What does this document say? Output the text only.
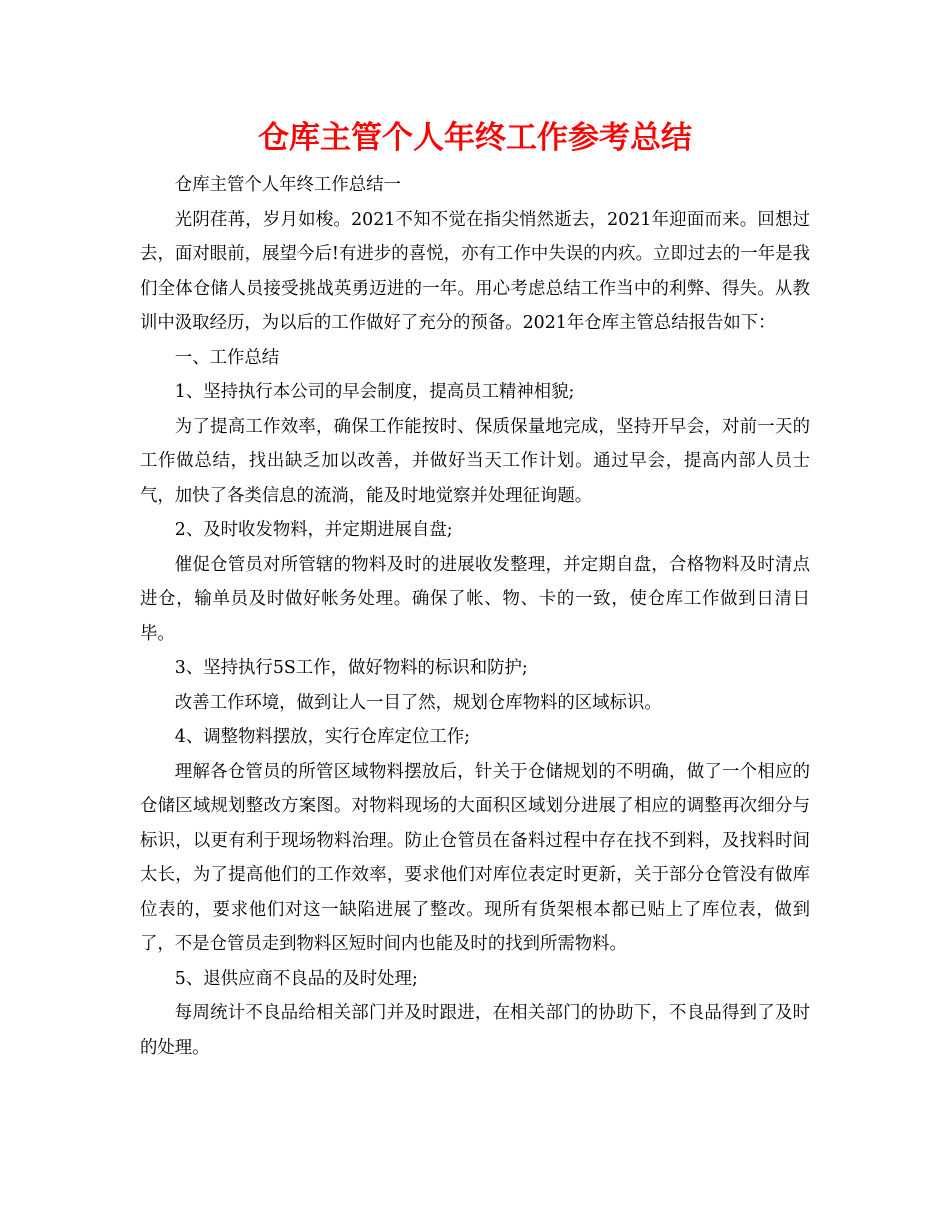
仓库主管个人年终工作参考总结

仓库主管个人年终工作总结一

光阴荏苒，岁月如梭。2021不知不觉在指尖悄然逝去，2021年迎面而来。回想过去，面对眼前，展望今后!有进步的喜悦，亦有工作中失误的内疚。立即过去的一年是我们全体仓储人员接受挑战英勇迈进的一年。用心考虑总结工作当中的利弊、得失。从教训中汲取经历，为以后的工作做好了充分的预备。2021年仓库主管总结报告如下：

一、工作总结

1、坚持执行本公司的早会制度，提高员工精神相貌;

为了提高工作效率，确保工作能按时、保质保量地完成，坚持开早会，对前一天的工作做总结，找出缺乏加以改善，并做好当天工作计划。通过早会，提高内部人员士气，加快了各类信息的流淌，能及时地觉察并处理征询题。

2、及时收发物料，并定期进展自盘;

催促仓管员对所管辖的物料及时的进展收发整理，并定期自盘，合格物料及时清点进仓，输单员及时做好帐务处理。确保了帐、物、卡的一致，使仓库工作做到日清日毕。

3、坚持执行5S工作，做好物料的标识和防护;

改善工作环境，做到让人一目了然，规划仓库物料的区域标识。

4、调整物料摆放，实行仓库定位工作;

理解各仓管员的所管区域物料摆放后，针关于仓储规划的不明确，做了一个相应的仓储区域规划整改方案图。对物料现场的大面积区域划分进展了相应的调整再次细分与标识，以更有利于现场物料治理。防止仓管员在备料过程中存在找不到料，及找料时间太长，为了提高他们的工作效率，要求他们对库位表定时更新，关于部分仓管没有做库位表的，要求他们对这一缺陷进展了整改。现所有货架根本都已贴上了库位表，做到了，不是仓管员走到物料区短时间内也能及时的找到所需物料。

5、退供应商不良品的及时处理;

每周统计不良品给相关部门并及时跟进，在相关部门的协助下，不良品得到了及时的处理。
